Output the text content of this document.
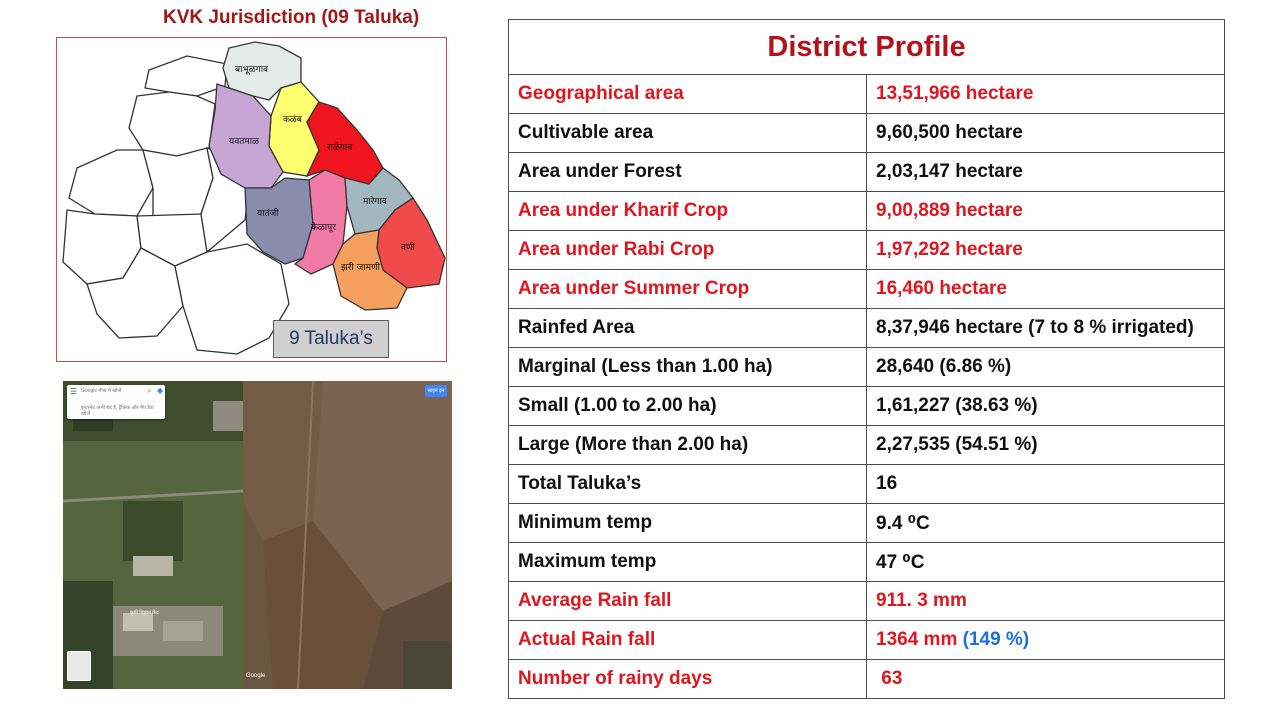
KVK Jurisdiction (09 Taluka)
बाभूळगाव
कळंब
यवतमाळ
राळेगाव
मारेगाव
यातंजी
केळापूर
वणी
झरी जामणी
9 Taluka’s
☰ Google मॅप्स में खोजें	⌕ ◆
इन्टरनेट अभी बंद है, ट्रैफ़िक और मैप डेटा खोजें
साइन इन
कृषी विज्ञान केंद्र
Google
District Profile	
Geographical area	13,51,966 hectare
Cultivable area	9,60,500 hectare
Area under Forest	2,03,147 hectare
Area under Kharif Crop	9,00,889 hectare
Area under Rabi Crop	1,97,292 hectare
Area under Summer Crop	16,460 hectare
Rainfed Area	8,37,946 hectare (7 to 8 % irrigated)
Marginal (Less than 1.00 ha)	28,640 (6.86 %)
Small (1.00 to 2.00 ha)	1,61,227 (38.63 %)
Large (More than 2.00 ha)	2,27,535 (54.51 %)
Total Taluka’s	16
Minimum temp	9.4 ⁰C
Maximum temp	47 ⁰C
Average Rain fall	911. 3 mm
Actual Rain fall	1364 mm (149 %)
Number of rainy days	63
